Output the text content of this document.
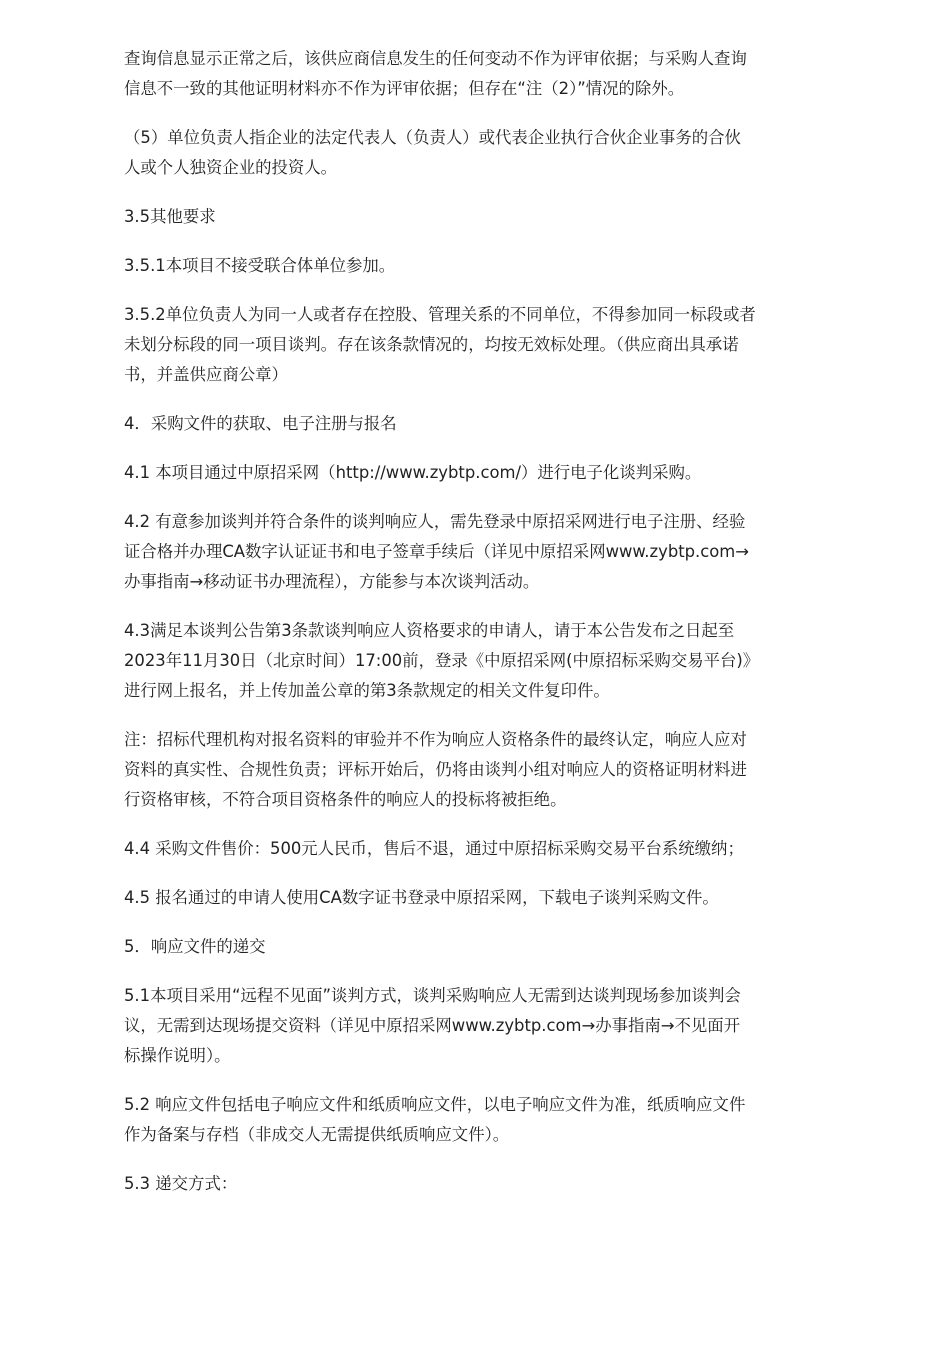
查询信息显示正常之后，该供应商信息发生的任何变动不作为评审依据；与采购人查询
信息不一致的其他证明材料亦不作为评审依据；但存在“注（2）”情况的除外。

（5）单位负责人指企业的法定代表人（负责人）或代表企业执行合伙企业事务的合伙
人或个人独资企业的投资人。

3.5其他要求

3.5.1本项目不接受联合体单位参加。

3.5.2单位负责人为同一人或者存在控股、管理关系的不同单位，不得参加同一标段或者
未划分标段的同一项目谈判。存在该条款情况的，均按无效标处理。（供应商出具承诺
书，并盖供应商公章）

4．采购文件的获取、电子注册与报名

4.1 本项目通过中原招采网（http://www.zybtp.com/）进行电子化谈判采购。

4.2 有意参加谈判并符合条件的谈判响应人，需先登录中原招采网进行电子注册、经验
证合格并办理CA数字认证证书和电子签章手续后（详见中原招采网www.zybtp.com→
办事指南→移动证书办理流程），方能参与本次谈判活动。

4.3满足本谈判公告第3条款谈判响应人资格要求的申请人，请于本公告发布之日起至
2023年11月30日（北京时间）17:00前，登录《中原招采网(中原招标采购交易平台)》
进行网上报名，并上传加盖公章的第3条款规定的相关文件复印件。

注：招标代理机构对报名资料的审验并不作为响应人资格条件的最终认定，响应人应对
资料的真实性、合规性负责；评标开始后，仍将由谈判小组对响应人的资格证明材料进
行资格审核，不符合项目资格条件的响应人的投标将被拒绝。

4.4 采购文件售价：500元人民币，售后不退，通过中原招标采购交易平台系统缴纳；

4.5 报名通过的申请人使用CA数字证书登录中原招采网，下载电子谈判采购文件。

5．响应文件的递交

5.1本项目采用“远程不见面”谈判方式，谈判采购响应人无需到达谈判现场参加谈判会
议，无需到达现场提交资料（详见中原招采网www.zybtp.com→办事指南→不见面开
标操作说明）。

5.2 响应文件包括电子响应文件和纸质响应文件，以电子响应文件为准，纸质响应文件
作为备案与存档（非成交人无需提供纸质响应文件）。

5.3 递交方式：
